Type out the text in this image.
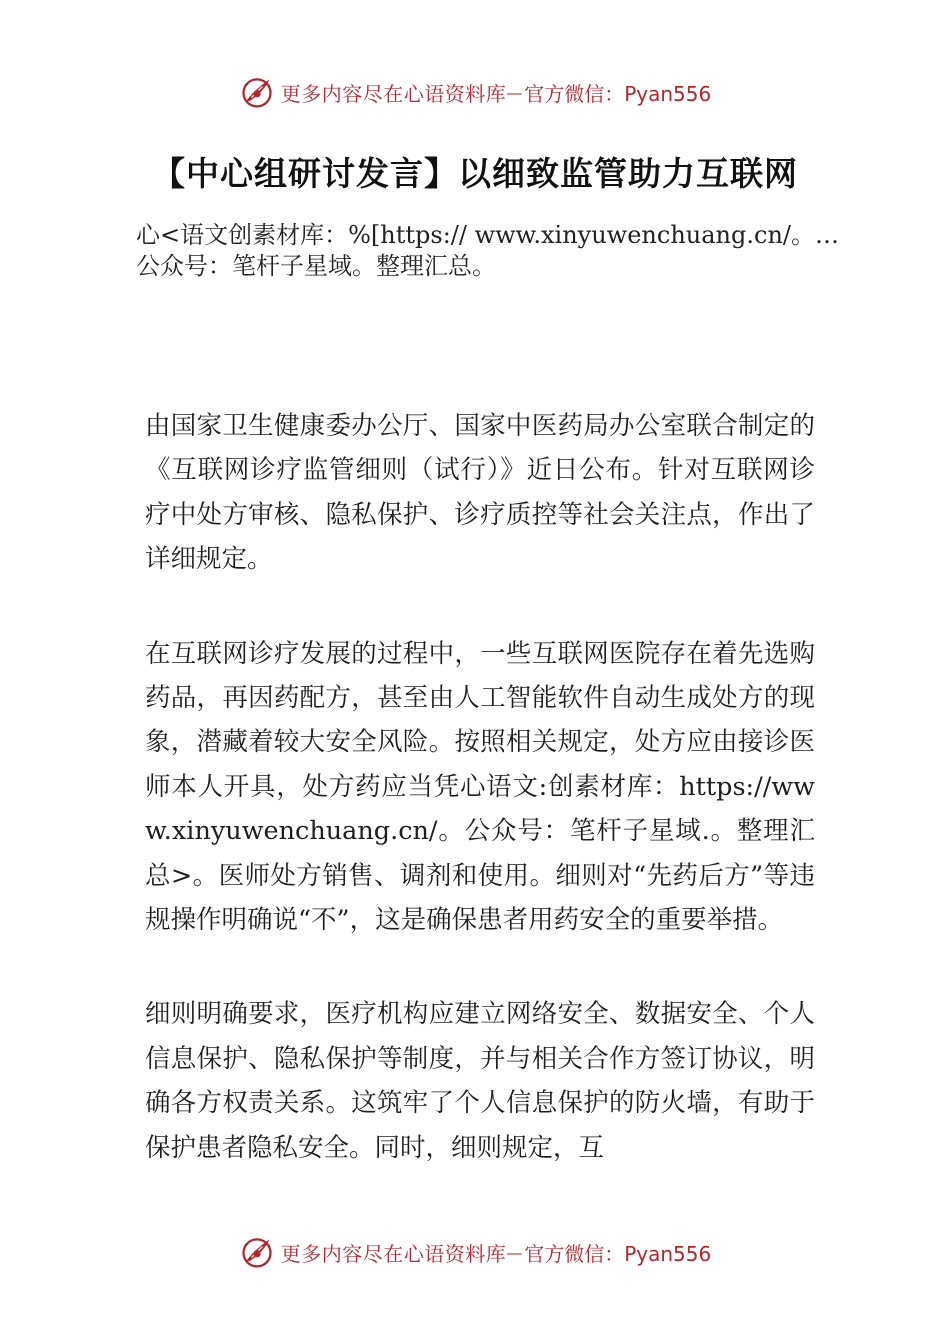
更多内容尽在心语资料库 — 官方微信：Pyan556
【中心组研讨发言】以细致监管助力互联网
心<语文创素材库：%[https:// www.xinyuwenchuang.cn/。…公众号：笔杆子星域。整理汇总。

由国家卫生健康委办公厅、国家中医药局办公室联合制定的《互联网诊疗监管细则（试行）》近日公布。针对互联网诊疗中处方审核、隐私保护、诊疗质控等社会关注点，作出了详细规定。

在互联网诊疗发展的过程中，一些互联网医院存在着先选购药品，再因药配方，甚至由人工智能软件自动生成处方的现象，潜藏着较大安全风险。按照相关规定，处方应由接诊医师本人开具，处方药应当凭心语文:创素材库：https://www.xinyuwenchuang.cn/。公众号：笔杆子星域.。整理汇总>。医师处方销售、调剂和使用。细则对“先药后方”等违规操作明确说“不”，这是确保患者用药安全的重要举措。

细则明确要求，医疗机构应建立网络安全、数据安全、个人信息保护、隐私保护等制度，并与相关合作方签订协议，明确各方权责关系。这筑牢了个人信息保护的防火墙，有助于保护患者隐私安全。同时，细则规定，互

更多内容尽在心语资料库 — 官方微信：Pyan556
